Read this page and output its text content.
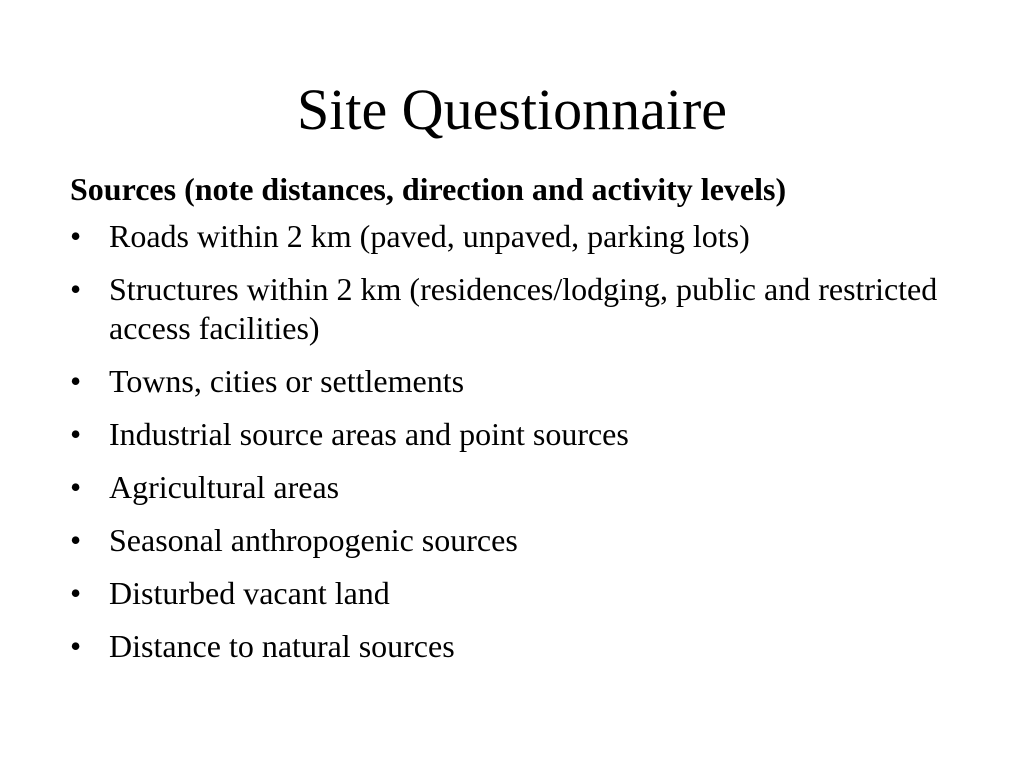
Site Questionnaire

Sources (note distances, direction and activity levels)

• Roads within 2 km (paved, unpaved, parking lots)
• Structures within 2 km (residences/lodging, public and restricted access facilities)
• Towns, cities or settlements
• Industrial source areas and point sources
• Agricultural areas
• Seasonal anthropogenic sources
• Disturbed vacant land
• Distance to natural sources
